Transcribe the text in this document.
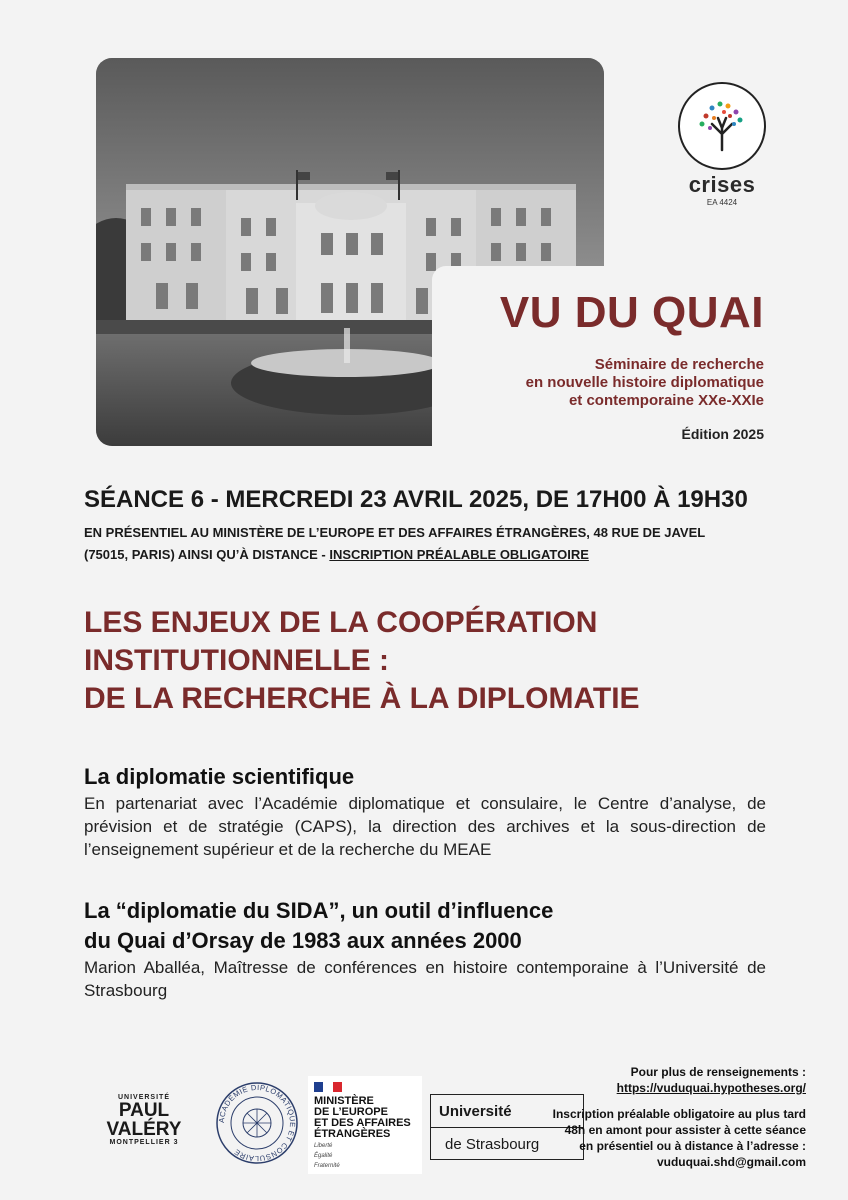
crises
EA 4424
VU DU QUAI
Séminaire de recherche
en nouvelle histoire diplomatique
et contemporaine XXe-XXIe
Édition 2025
SÉANCE 6 - MERCREDI 23 AVRIL 2025, DE 17H00 À 19H30
EN PRÉSENTIEL AU MINISTÈRE DE L’EUROPE ET DES AFFAIRES ÉTRANGÈRES, 48 RUE DE JAVEL
(75015, PARIS) AINSI QU’À DISTANCE - INSCRIPTION PRÉALABLE OBLIGATOIRE
LES ENJEUX DE LA COOPÉRATION
INSTITUTIONNELLE :
DE LA RECHERCHE À LA DIPLOMATIE
La diplomatie scientifique
En partenariat avec l’Académie diplomatique et consulaire, le Centre d’analyse, de prévision et de stratégie (CAPS), la direction des archives et la sous-direction de l’enseignement supérieur et de la recherche du MEAE
La “diplomatie du SIDA”, un outil d’influence
du Quai d’Orsay de 1983 aux années 2000
Marion Aballéa, Maîtresse de conférences en histoire contemporaine à l’Université de Strasbourg
UNIVERSITÉ
PAUL
VALÉRY
MONTPELLIER 3
ACADÉMIE DIPLOMATIQUE ET CONSULAIRE
MINISTÈRE
DE L’EUROPE
ET DES AFFAIRES
ÉTRANGÈRES
Liberté
Égalité
Fraternité
Université
de Strasbourg
Pour plus de renseignements :
https://vuduquai.hypotheses.org/
Inscription préalable obligatoire au plus tard
48h en amont pour assister à cette séance
en présentiel ou à distance à l’adresse :
vuduquai.shd@gmail.com
